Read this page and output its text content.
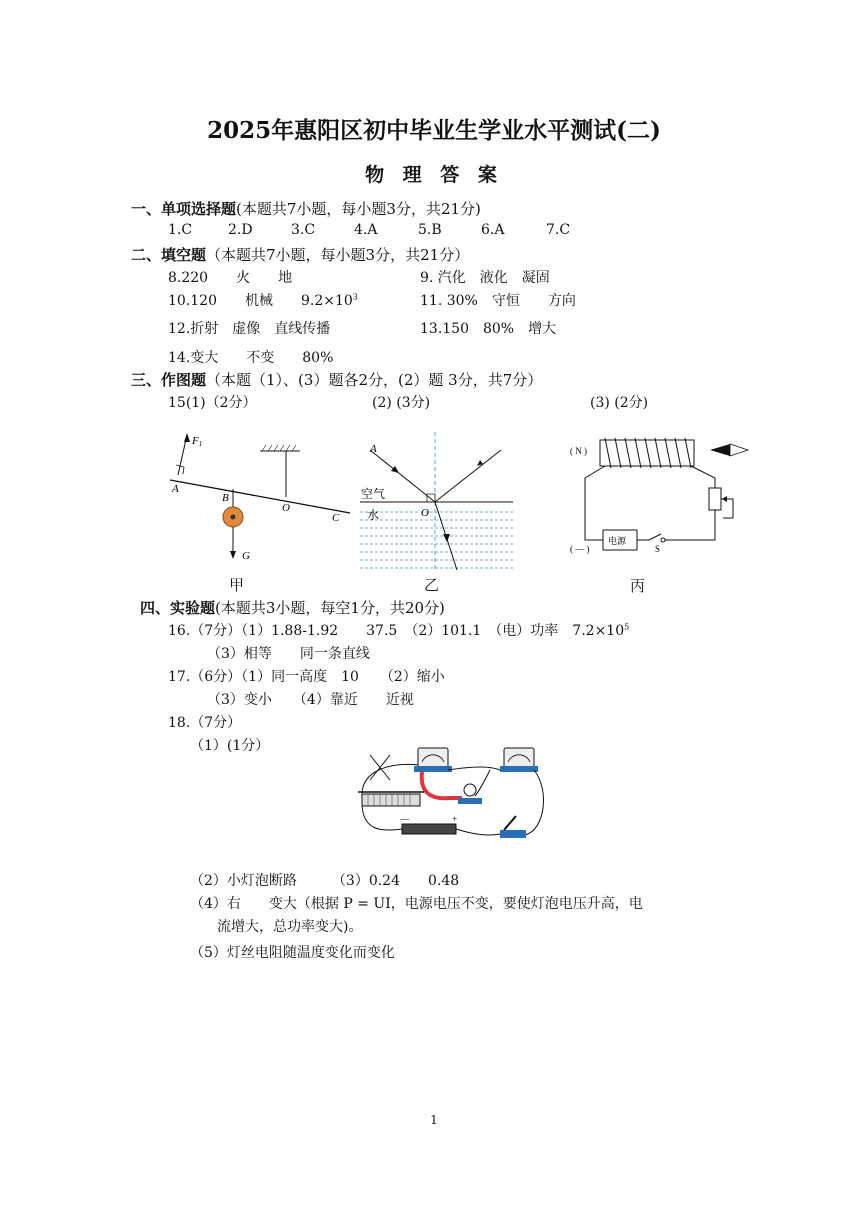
2025年惠阳区初中毕业生学业水平测试(二)
物 理 答 案
一、单项选择题(本题共7小题，每小题3分，共21分)
1.C	2.D	3.C	4.A	5.B	6.A	7.C
二、填空题（本题共7小题，每小题3分，共21分）
8.220　　火　　地	9. 汽化　液化　凝固
10.120　　机械　　$9.2\times 10^3$	11. 30%　守恒　　方向
12.折射　虚像　直线传播	13.150　80%　增大
14.变大　　不变　　80%
三、作图题（本题（1）、(3）题各2分，(2）题 3分，共7分）
15(1)（2分）	(2) (3分)	(3) (2分)
F1
A
B
O
C
G
甲
A
空气
水	O
乙
( N )
( — )
电源
S
丙
四、实验题(本题共3小题，每空1分，共20分)
16.（7分）（1）1.88-1.92　　37.5　（2）101.1　（电）功率　$7.2\times 10^5$
（3）相等　　同一条直线
17.（6分）（1）同一高度　10　　（2）缩小
（3）变小　　（4）靠近　　近视
18.（7分）
（1）(1分）
—	+
（2）小灯泡断路　　　（3）0.24　　0.48
（4）右　　变大（根据 P = UI，电源电压不变，要使灯泡电压升高，电
流增大，总功率变大)。
（5）灯丝电阻随温度变化而变化
1
